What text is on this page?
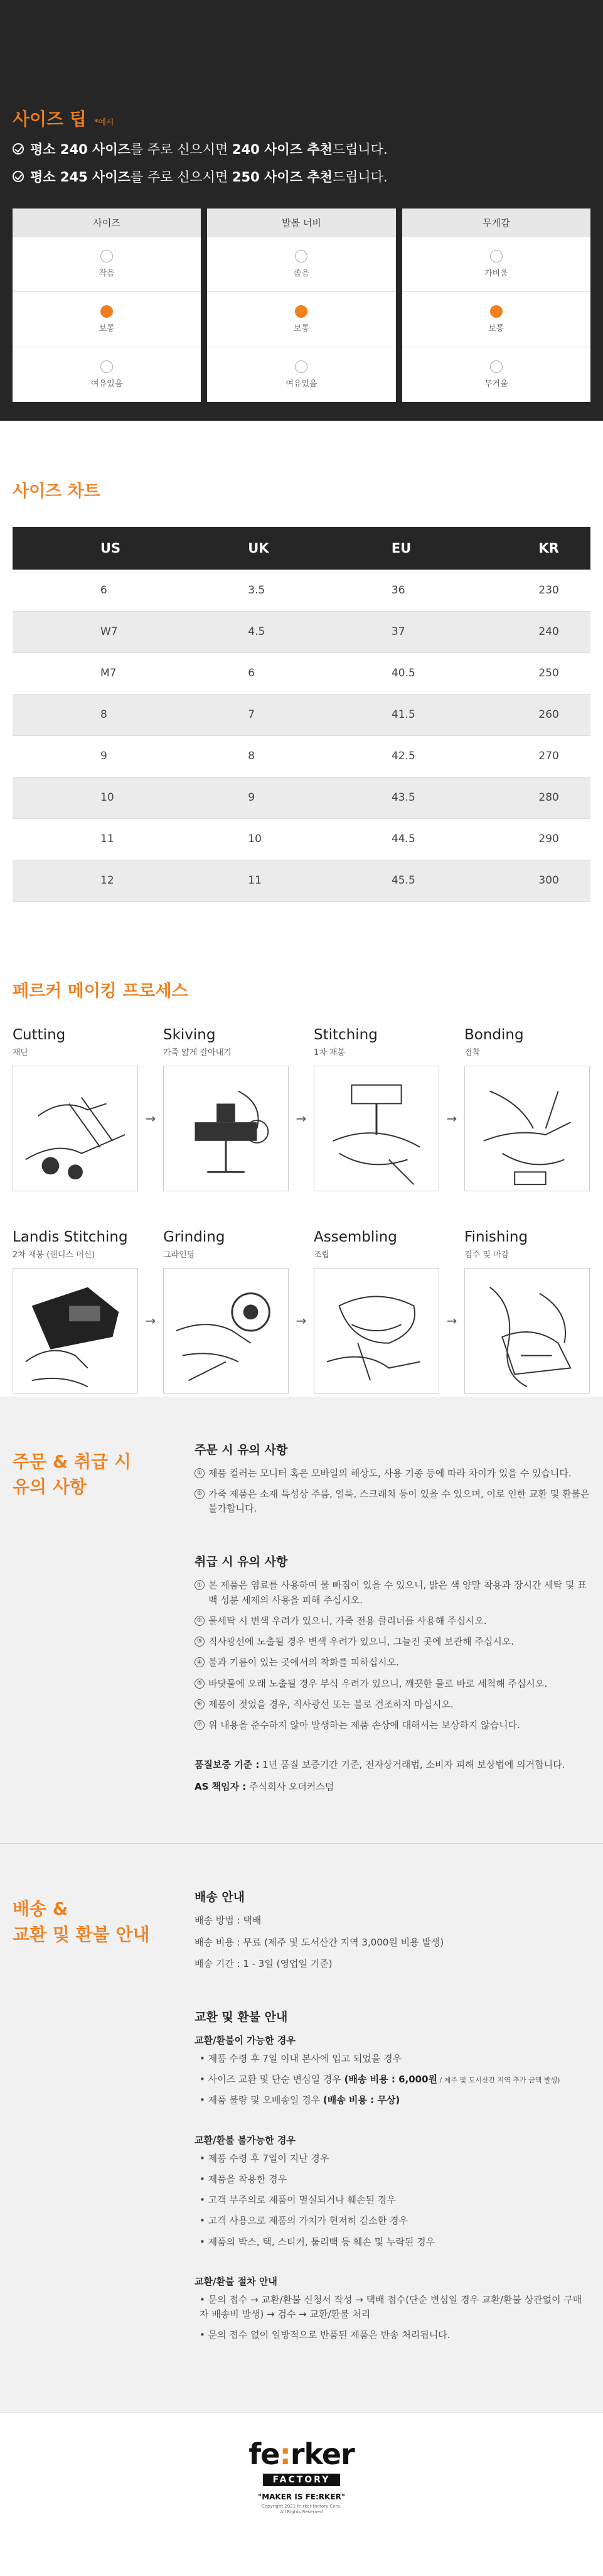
사이즈 팁 *예시
평소 240 사이즈를 주로 신으시면 240 사이즈 추천드립니다.
평소 245 사이즈를 주로 신으시면 250 사이즈 추천드립니다.
사이즈
작음
보통
여유있음
발볼 너비
좁음
보통
여유있음
무게감
가벼움
보통
무거움
사이즈 차트
US	UK	EU	KR
6	3.5	36	230
W7	4.5	37	240
M7	6	40.5	250
8	7	41.5	260
9	8	42.5	270
10	9	43.5	280
11	10	44.5	290
12	11	45.5	300
페르커 메이킹 프로세스
Cutting
재단
→
Skiving
가죽 얇게 갈아내기
→
Stitching
1차 재봉
→
Bonding
접착
Landis Stitching
2차 재봉 (랜디스 머신)
→
Grinding
그라인딩
→
Assembling
조립
→
Finishing
검수 및 마감
주문 & 취급 시
유의 사항
주문 시 유의 사항
① 제품 컬러는 모니터 혹은 모바일의 해상도, 사용 기종 등에 따라 차이가 있을 수 있습니다.
② 가죽 제품은 소재 특성상 주름, 얼룩, 스크래치 등이 있을 수 있으며, 이로 인한 교환 및 환불은 불가합니다.
취급 시 유의 사항
① 본 제품은 염료를 사용하여 물 빠짐이 있을 수 있으니, 밝은 색 양말 착용과 장시간 세탁 및 표백 성분 세제의 사용을 피해 주십시오.
② 물세탁 시 변색 우려가 있으니, 가죽 전용 클리너를 사용해 주십시오.
③ 직사광선에 노출될 경우 변색 우려가 있으니, 그늘진 곳에 보관해 주십시오.
④ 불과 기름이 있는 곳에서의 착화를 피하십시오.
⑤ 바닷물에 오래 노출될 경우 부식 우려가 있으니, 깨끗한 물로 바로 세척해 주십시오.
⑥ 제품이 젖었을 경우, 직사광선 또는 불로 건조하지 마십시오.
⑦ 위 내용을 준수하지 않아 발생하는 제품 손상에 대해서는 보상하지 않습니다.
품질보증 기준 : 1년 품질 보증기간 기준, 전자상거래법, 소비자 피해 보상법에 의거합니다.
AS 책임자 : 주식회사 오더커스텀
배송 &
교환 및 환불 안내
배송 안내
배송 방법 : 택배
배송 비용 : 무료 (제주 및 도서산간 지역 3,000원 비용 발생)
배송 기간 : 1 - 3일 (영업일 기준)
교환 및 환불 안내
교환/환불이 가능한 경우
• 제품 수령 후 7일 이내 본사에 입고 되었을 경우
• 사이즈 교환 및 단순 변심일 경우 (배송 비용 : 6,000원 / 제주 및 도서산간 지역 추가 금액 발생)
• 제품 불량 및 오배송일 경우 (배송 비용 : 무상)
교환/환불 불가능한 경우
• 제품 수령 후 7일이 지난 경우
• 제품을 착용한 경우
• 고객 부주의로 제품이 멸실되거나 훼손된 경우
• 고객 사용으로 제품의 가치가 현저히 감소한 경우
• 제품의 박스, 택, 스티커, 툴리백 등 훼손 및 누락된 경우
교환/환불 절차 안내
• 문의 접수 → 교환/환불 신청서 작성 → 택배 접수(단순 변심일 경우 교환/환불 상관없이 구매자 배송비 발생) → 검수 → 교환/환불 처리
• 문의 접수 없이 일방적으로 반품된 제품은 반송 처리됩니다.
fe:rker
FACTORY
"MAKER IS FE:RKER"
Copyright 2021 fe:rker factory Corp.
All Rights Reserved
